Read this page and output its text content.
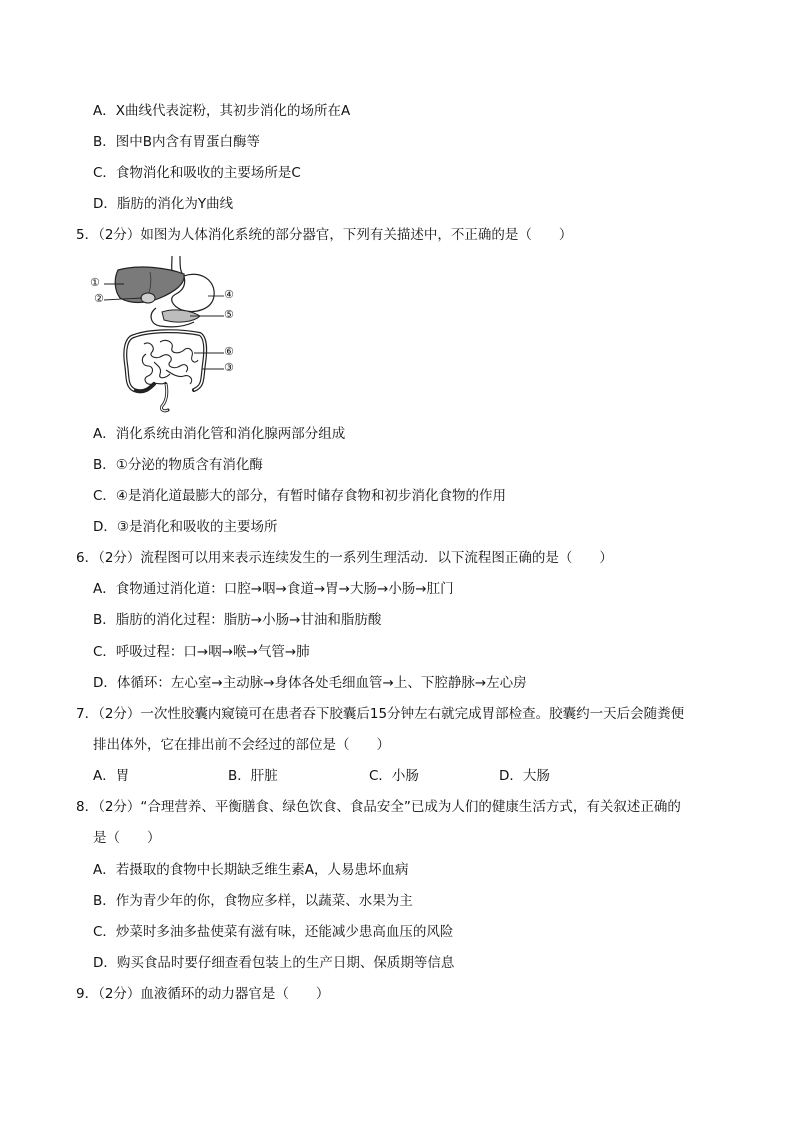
A．X曲线代表淀粉，其初步消化的场所在A
B．图中B内含有胃蛋白酶等
C．食物消化和吸收的主要场所是C
D．脂肪的消化为Y曲线
5．（2分）如图为人体消化系统的部分器官，下列有关描述中，不正确的是（　　）
①
②	④
⑤
⑥
③
A．消化系统由消化管和消化腺两部分组成
B．①分泌的物质含有消化酶
C．④是消化道最膨大的部分，有暂时储存食物和初步消化食物的作用
D．③是消化和吸收的主要场所
6．（2分）流程图可以用来表示连续发生的一系列生理活动．以下流程图正确的是（　　）
A．食物通过消化道：口腔→咽→食道→胃→大肠→小肠→肛门
B．脂肪的消化过程：脂肪→小肠→甘油和脂肪酸
C．呼吸过程：口→咽→喉→气管→肺
D．体循环：左心室→主动脉→身体各处毛细血管→上、下腔静脉→左心房
7．（2分）一次性胶囊内窥镜可在患者吞下胶囊后15分钟左右就完成胃部检查。胶囊约一天后会随粪便
排出体外，它在排出前不会经过的部位是（　　）
A．胃	B．肝脏	C．小肠	D．大肠
8．（2分）“合理营养、平衡膳食、绿色饮食、食品安全”已成为人们的健康生活方式，有关叙述正确的
是（　　）
A．若摄取的食物中长期缺乏维生素A，人易患坏血病
B．作为青少年的你，食物应多样，以蔬菜、水果为主
C．炒菜时多油多盐使菜有滋有味，还能减少患高血压的风险
D．购买食品时要仔细查看包装上的生产日期、保质期等信息
9．（2分）血液循环的动力器官是（　　）
